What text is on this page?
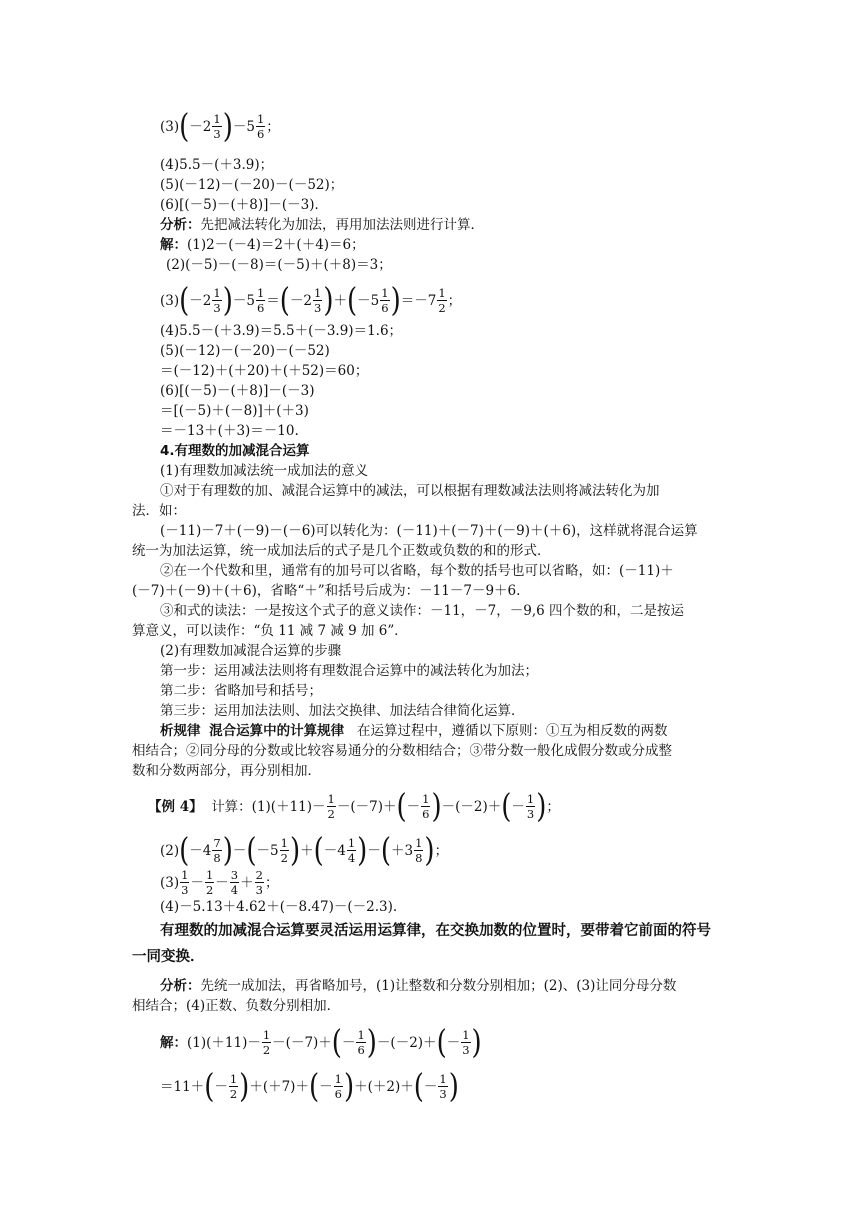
(3) ( $-2 \frac{1}{3}$ ) $-5 \frac{1}{6}$ ；
(4)5.5－(＋3.9)；
(5)(－12)－(－20)－(－52)；
(6)[(－5)－(＋8)]－(－3)．
分析：先把减法转化为加法，再用加法法则进行计算．
解：(1)2－(－4)＝2＋(＋4)＝6；
(2)(－5)－(－8)＝(－5)＋(＋8)＝3；
(3) ( $-2 \frac{1}{3}$ ) $-5 \frac{1}{6}$ ＝ ( $-2 \frac{1}{3}$ ) ＋ ( $-5 \frac{1}{6}$ ) $=-7 \frac{1}{2}$ ；
(4)5.5－(＋3.9)＝5.5＋(－3.9)＝1.6；
(5)(－12)－(－20)－(－52)
＝(－12)＋(＋20)＋(＋52)＝60；
(6)[(－5)－(＋8)]－(－3)
＝[(－5)＋(－8)]＋(＋3)
＝－13＋(＋3)＝－10.
4.有理数的加减混合运算
(1)有理数加减法统一成加法的意义
①对于有理数的加、减混合运算中的减法，可以根据有理数减法法则将减法转化为加
法．如：
(－11)－7＋(－9)－(－6)可以转化为：(－11)＋(－7)＋(－9)＋(＋6)，这样就将混合运算
统一为加法运算，统一成加法后的式子是几个正数或负数的和的形式．
②在一个代数和里，通常有的加号可以省略，每个数的括号也可以省略，如：(－11)＋
(－7)＋(－9)＋(＋6)，省略“＋”和括号后成为：－11－7－9＋6.
③和式的读法：一是按这个式子的意义读作：－11，－7，－9,6 四个数的和，二是按运
算意义，可以读作：“负 11 减 7 减 9 加 6”．
(2)有理数加减混合运算的步骤
第一步：运用减法法则将有理数混合运算中的减法转化为加法；
第二步：省略加号和括号；
第三步：运用加法法则、加法交换律、加法结合律简化运算．
析规律 混合运算中的计算规律 在运算过程中，遵循以下原则：①互为相反数的两数
相结合；②同分母的分数或比较容易通分的分数相结合；③带分数一般化成假分数或分成整
数和分数两部分，再分别相加．
【例 4】
计算：$(1)(+11)- \frac{1}{2} -(-7)+$ ( － $\frac{1}{6}$ ) －(－2)＋ ( － $\frac{1}{3}$ ) ；
(2) ( $-4 \frac{7}{8}$ ) － ( $-5 \frac{1}{2}$ ) ＋ ( $-4 \frac{1}{4}$ ) － ( $+3 \frac{1}{8}$ ) ；
$(3) \frac{1}{3} - \frac{1}{2} - \frac{3}{4} + \frac{2}{3}$ ；
(4)－5.13＋4.62＋(－8.47)－(－2.3).
有理数的加减混合运算要灵活运用运算律，在交换加数的位置时，要带着它前面的符号
一同变换．
分析：先统一成加法，再省略加号，(1)让整数和分数分别相加；(2)、(3)让同分母分数
相结合；(4)正数、负数分别相加．
解： $(1)(+11)- \frac{1}{2} -(-7)+$ ( － $\frac{1}{6}$ ) －(－2)＋ ( － $\frac{1}{3}$ )
＝11＋ ( － $\frac{1}{2}$ ) ＋(＋7)＋ ( － $\frac{1}{6}$ ) ＋(＋2)＋ ( － $\frac{1}{3}$ )
